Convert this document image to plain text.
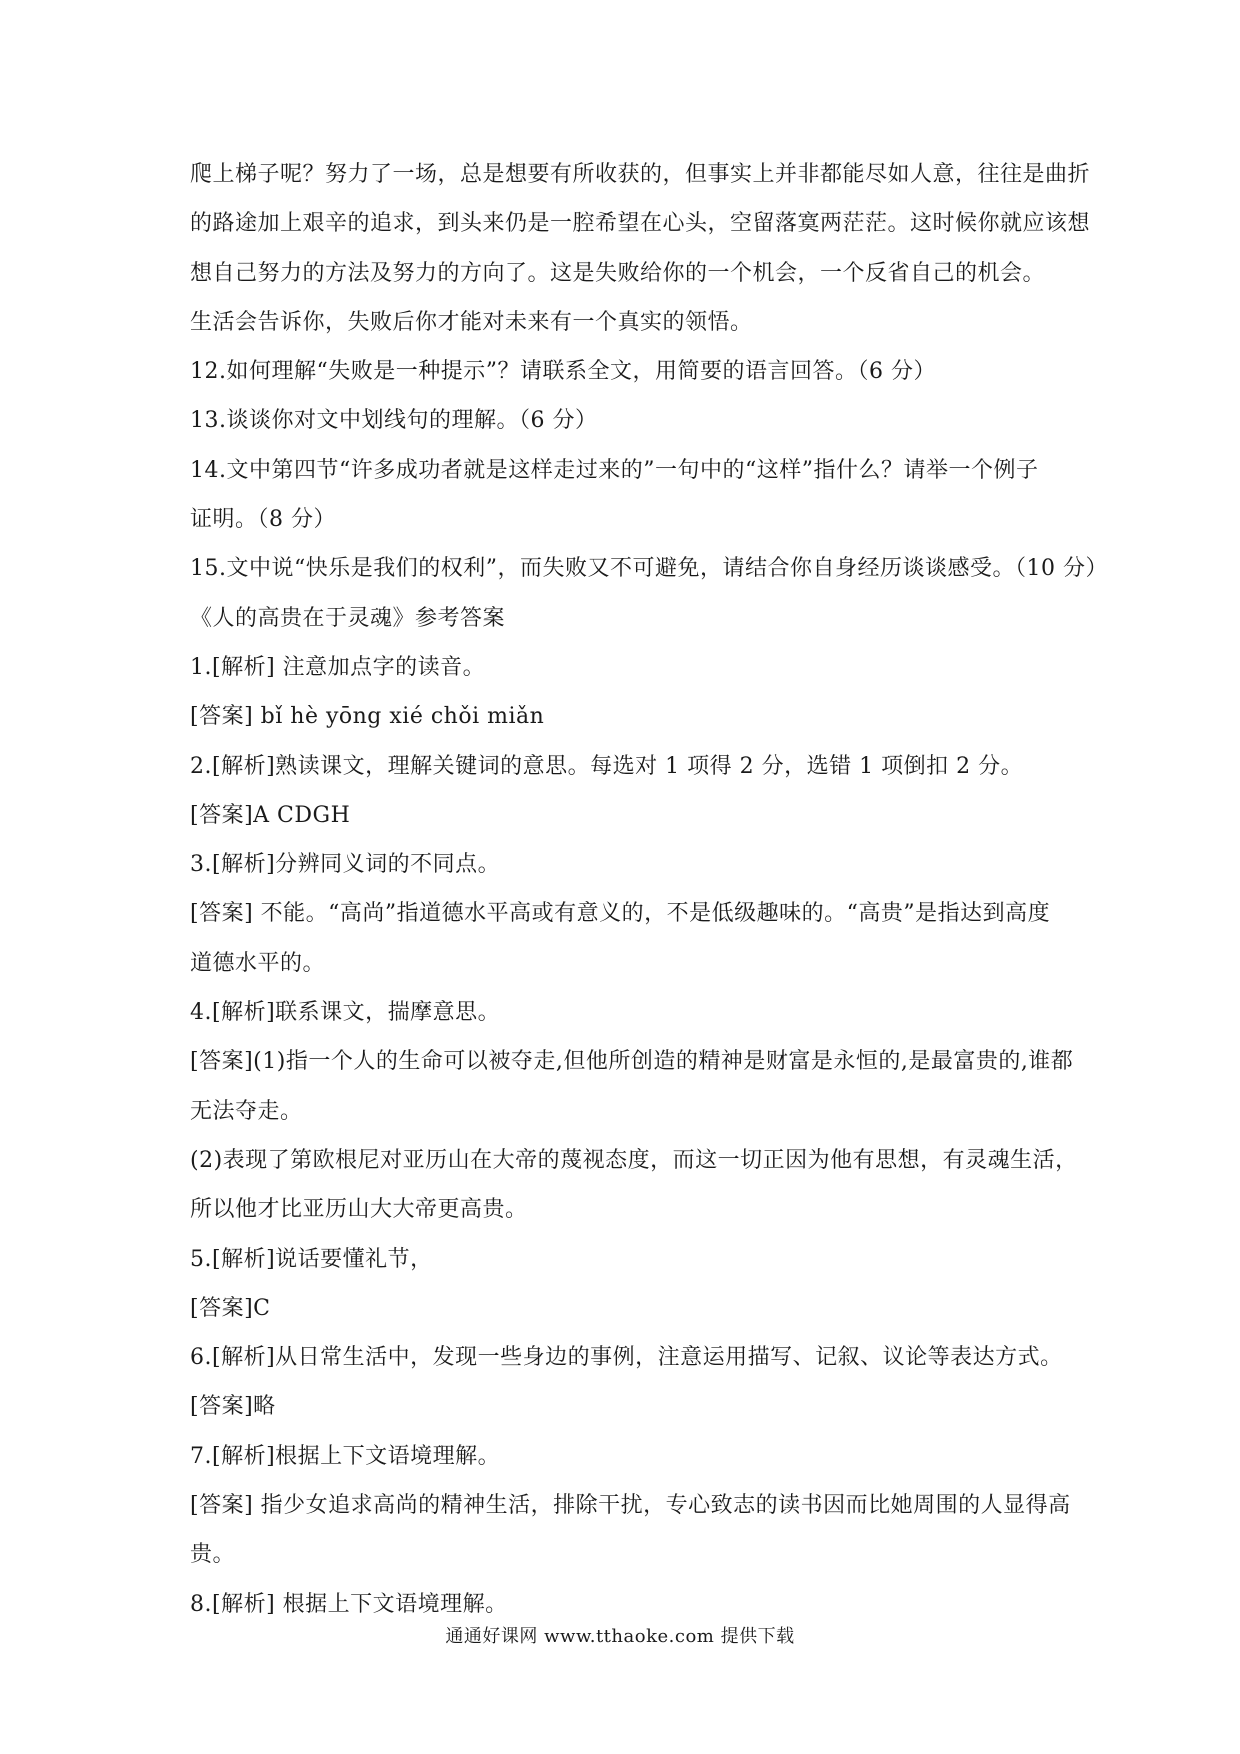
爬上梯子呢？努力了一场，总是想要有所收获的，但事实上并非都能尽如人意，往往是曲折
的路途加上艰辛的追求，到头来仍是一腔希望在心头，空留落寞两茫茫。这时候你就应该想
想自己努力的方法及努力的方向了。这是失败给你的一个机会，一个反省自己的机会。
生活会告诉你，失败后你才能对未来有一个真实的领悟。
12.如何理解“失败是一种提示”？请联系全文，用简要的语言回答。（6 分）
13.谈谈你对文中划线句的理解。（6 分）
14.文中第四节“许多成功者就是这样走过来的”一句中的“这样”指什么？请举一个例子
证明。（8 分）
15.文中说“快乐是我们的权利”，而失败又不可避免，请结合你自身经历谈谈感受。（10 分）
《人的高贵在于灵魂》参考答案
1.[解析] 注意加点字的读音。
[答案] bǐ hè yōng xié chǒi miǎn
2.[解析]熟读课文，理解关键词的意思。每选对 1 项得 2 分，选错 1 项倒扣 2 分。
[答案]A CDGH
3.[解析]分辨同义词的不同点。
[答案] 不能。“高尚”指道德水平高或有意义的，不是低级趣味的。“高贵”是指达到高度
道德水平的。
4.[解析]联系课文，揣摩意思。
[答案](1)指一个人的生命可以被夺走,但他所创造的精神是财富是永恒的,是最富贵的,谁都
无法夺走。
(2)表现了第欧根尼对亚历山在大帝的蔑视态度，而这一切正因为他有思想，有灵魂生活，
所以他才比亚历山大大帝更高贵。
5.[解析]说话要懂礼节，
[答案]C
6.[解析]从日常生活中，发现一些身边的事例，注意运用描写、记叙、议论等表达方式。
[答案]略
7.[解析]根据上下文语境理解。
[答案] 指少女追求高尚的精神生活，排除干扰，专心致志的读书因而比她周围的人显得高
贵。
8.[解析] 根据上下文语境理解。
通通好课网 www.tthaoke.com 提供下载
